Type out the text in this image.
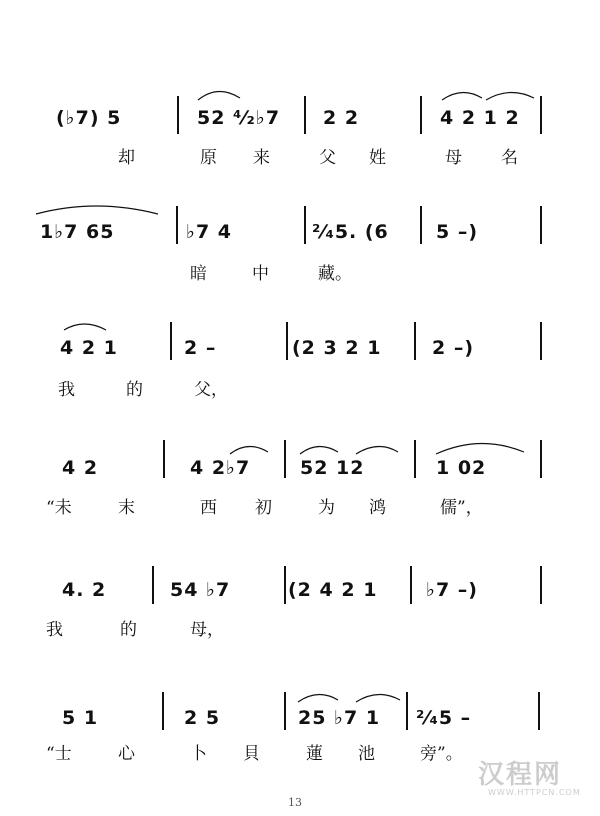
(♭7) 5	52 ⁴⁄₂♭7 2 2	4 2 1 2
却	原 来	父 姓	母 名
1♭7 65	♭7 4	²⁄₄5. (6 5 –)
暗	中	藏。
4 2 1	2 –	(2 3 2 1	2 –)
我	的	父，
4 2	4 2♭7	52 12	1 02
“未	末	西 初	为 鸿	儒”，
4. 2	54 ♭7	(2 4 2 1	♭7 –)
我	的	母，
5 1	2 5	25 ♭7 1 ²⁄₄5 –
“士	心	卜 貝	蓮 池	旁”。
13
汉程网
WWW.HTTPCN.COM
